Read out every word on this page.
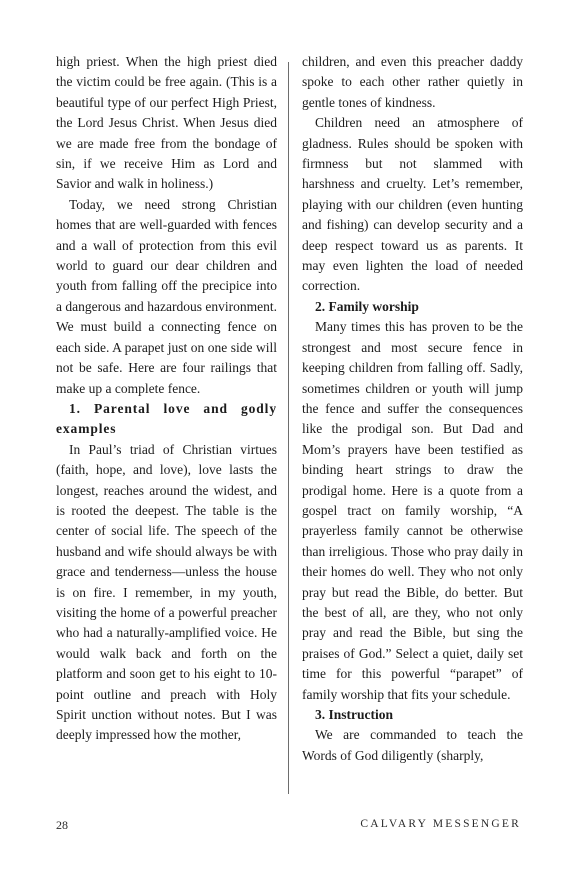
high priest. When the high priest died the victim could be free again. (This is a beautiful type of our perfect High Priest, the Lord Jesus Christ. When Jesus died we are made free from the bondage of sin, if we receive Him as Lord and Savior and walk in holiness.)

Today, we need strong Christian homes that are well-guarded with fences and a wall of protection from this evil world to guard our dear children and youth from falling off the precipice into a dangerous and hazardous environment. We must build a connecting fence on each side. A parapet just on one side will not be safe. Here are four railings that make up a complete fence.

1. Parental love and godly examples

In Paul’s triad of Christian virtues (faith, hope, and love), love lasts the longest, reaches around the widest, and is rooted the deepest. The table is the center of social life. The speech of the husband and wife should always be with grace and tenderness—unless the house is on fire. I remember, in my youth, visiting the home of a powerful preacher who had a naturally-amplified voice. He would walk back and forth on the platform and soon get to his eight to 10-point outline and preach with Holy Spirit unction without notes. But I was deeply impressed how the mother,

children, and even this preacher daddy spoke to each other rather quietly in gentle tones of kindness.

Children need an atmosphere of gladness. Rules should be spoken with firmness but not slammed with harshness and cruelty. Let’s remember, playing with our children (even hunting and fishing) can develop security and a deep respect toward us as parents. It may even lighten the load of needed correction.

2. Family worship

Many times this has proven to be the strongest and most secure fence in keeping children from falling off. Sadly, sometimes children or youth will jump the fence and suffer the consequences like the prodigal son. But Dad and Mom’s prayers have been testified as binding heart strings to draw the prodigal home. Here is a quote from a gospel tract on family worship, “A prayerless family cannot be otherwise than irreligious. Those who pray daily in their homes do well. They who not only pray but read the Bible, do better. But the best of all, are they, who not only pray and read the Bible, but sing the praises of God.” Select a quiet, daily set time for this powerful “parapet” of family worship that fits your schedule.

3. Instruction

We are commanded to teach the Words of God diligently (sharply,

28	CALVARY MESSENGER
